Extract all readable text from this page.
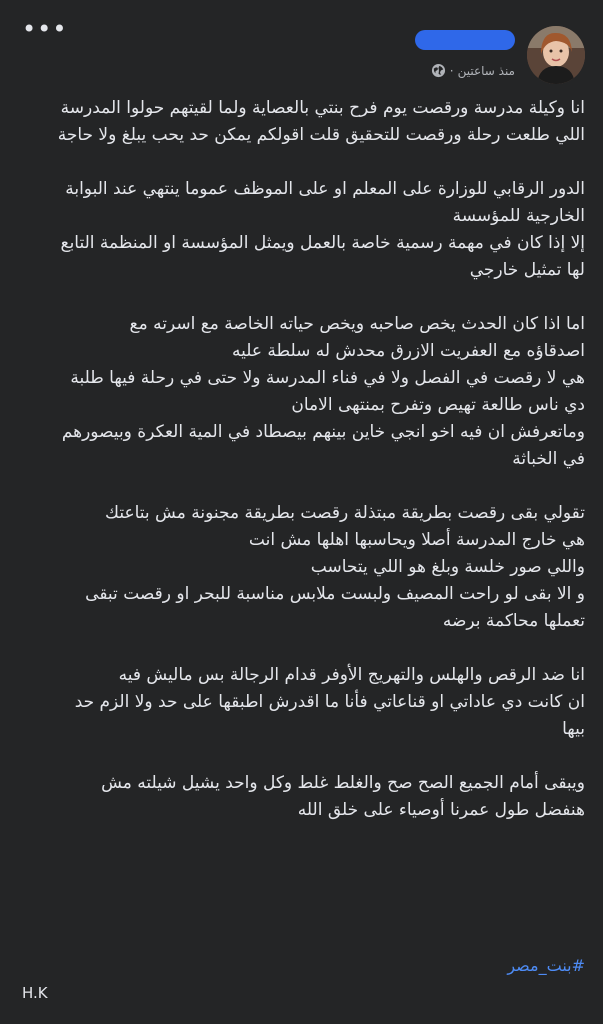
•••
منذ ساعتين
·

انا وكيلة مدرسة ورقصت يوم فرح بنتي بالعصاية ولما لقيتهم حولوا المدرسة
اللي طلعت رحلة ورقصت للتحقيق قلت اقولكم يمكن حد يحب يبلغ ولا حاجة

الدور الرقابي للوزارة على المعلم او على الموظف عموما ينتهي عند البوابة
الخارجية للمؤسسة
إلا إذا كان في مهمة رسمية خاصة بالعمل ويمثل المؤسسة او المنظمة التابع
لها تمثيل خارجي

اما اذا كان الحدث يخص صاحبه ويخص حياته الخاصة مع اسرته مع
اصدقاؤه مع العفريت الازرق محدش له سلطة عليه
هي لا رقصت في الفصل ولا في فناء المدرسة ولا حتى في رحلة فيها طلبة
دي ناس طالعة تهيص وتفرح بمنتهى الامان
وماتعرفش ان فيه اخو انجي خاين بينهم بيصطاد في المية العكرة وبيصورهم
في الخباثة

تقولي بقى رقصت بطريقة مبتذلة رقصت بطريقة مجنونة مش بتاعتك
هي خارج المدرسة أصلا ويحاسبها اهلها مش انت
واللي صور خلسة وبلغ هو اللي يتحاسب
و الا بقى لو راحت المصيف ولبست ملابس مناسبة للبحر او رقصت تبقى
تعملها محاكمة برضه

انا ضد الرقص والهلس والتهريج الأوفر قدام الرجالة بس ماليش فيه
ان كانت دي عاداتي او قناعاتي فأنا ما اقدرش اطبقها على حد ولا الزم حد
بيها

ويبقى أمام الجميع الصح صح والغلط غلط وكل واحد يشيل شيلته مش
هنفضل طول عمرنا أوصياء على خلق الله

#بنت_مصر
H.K
